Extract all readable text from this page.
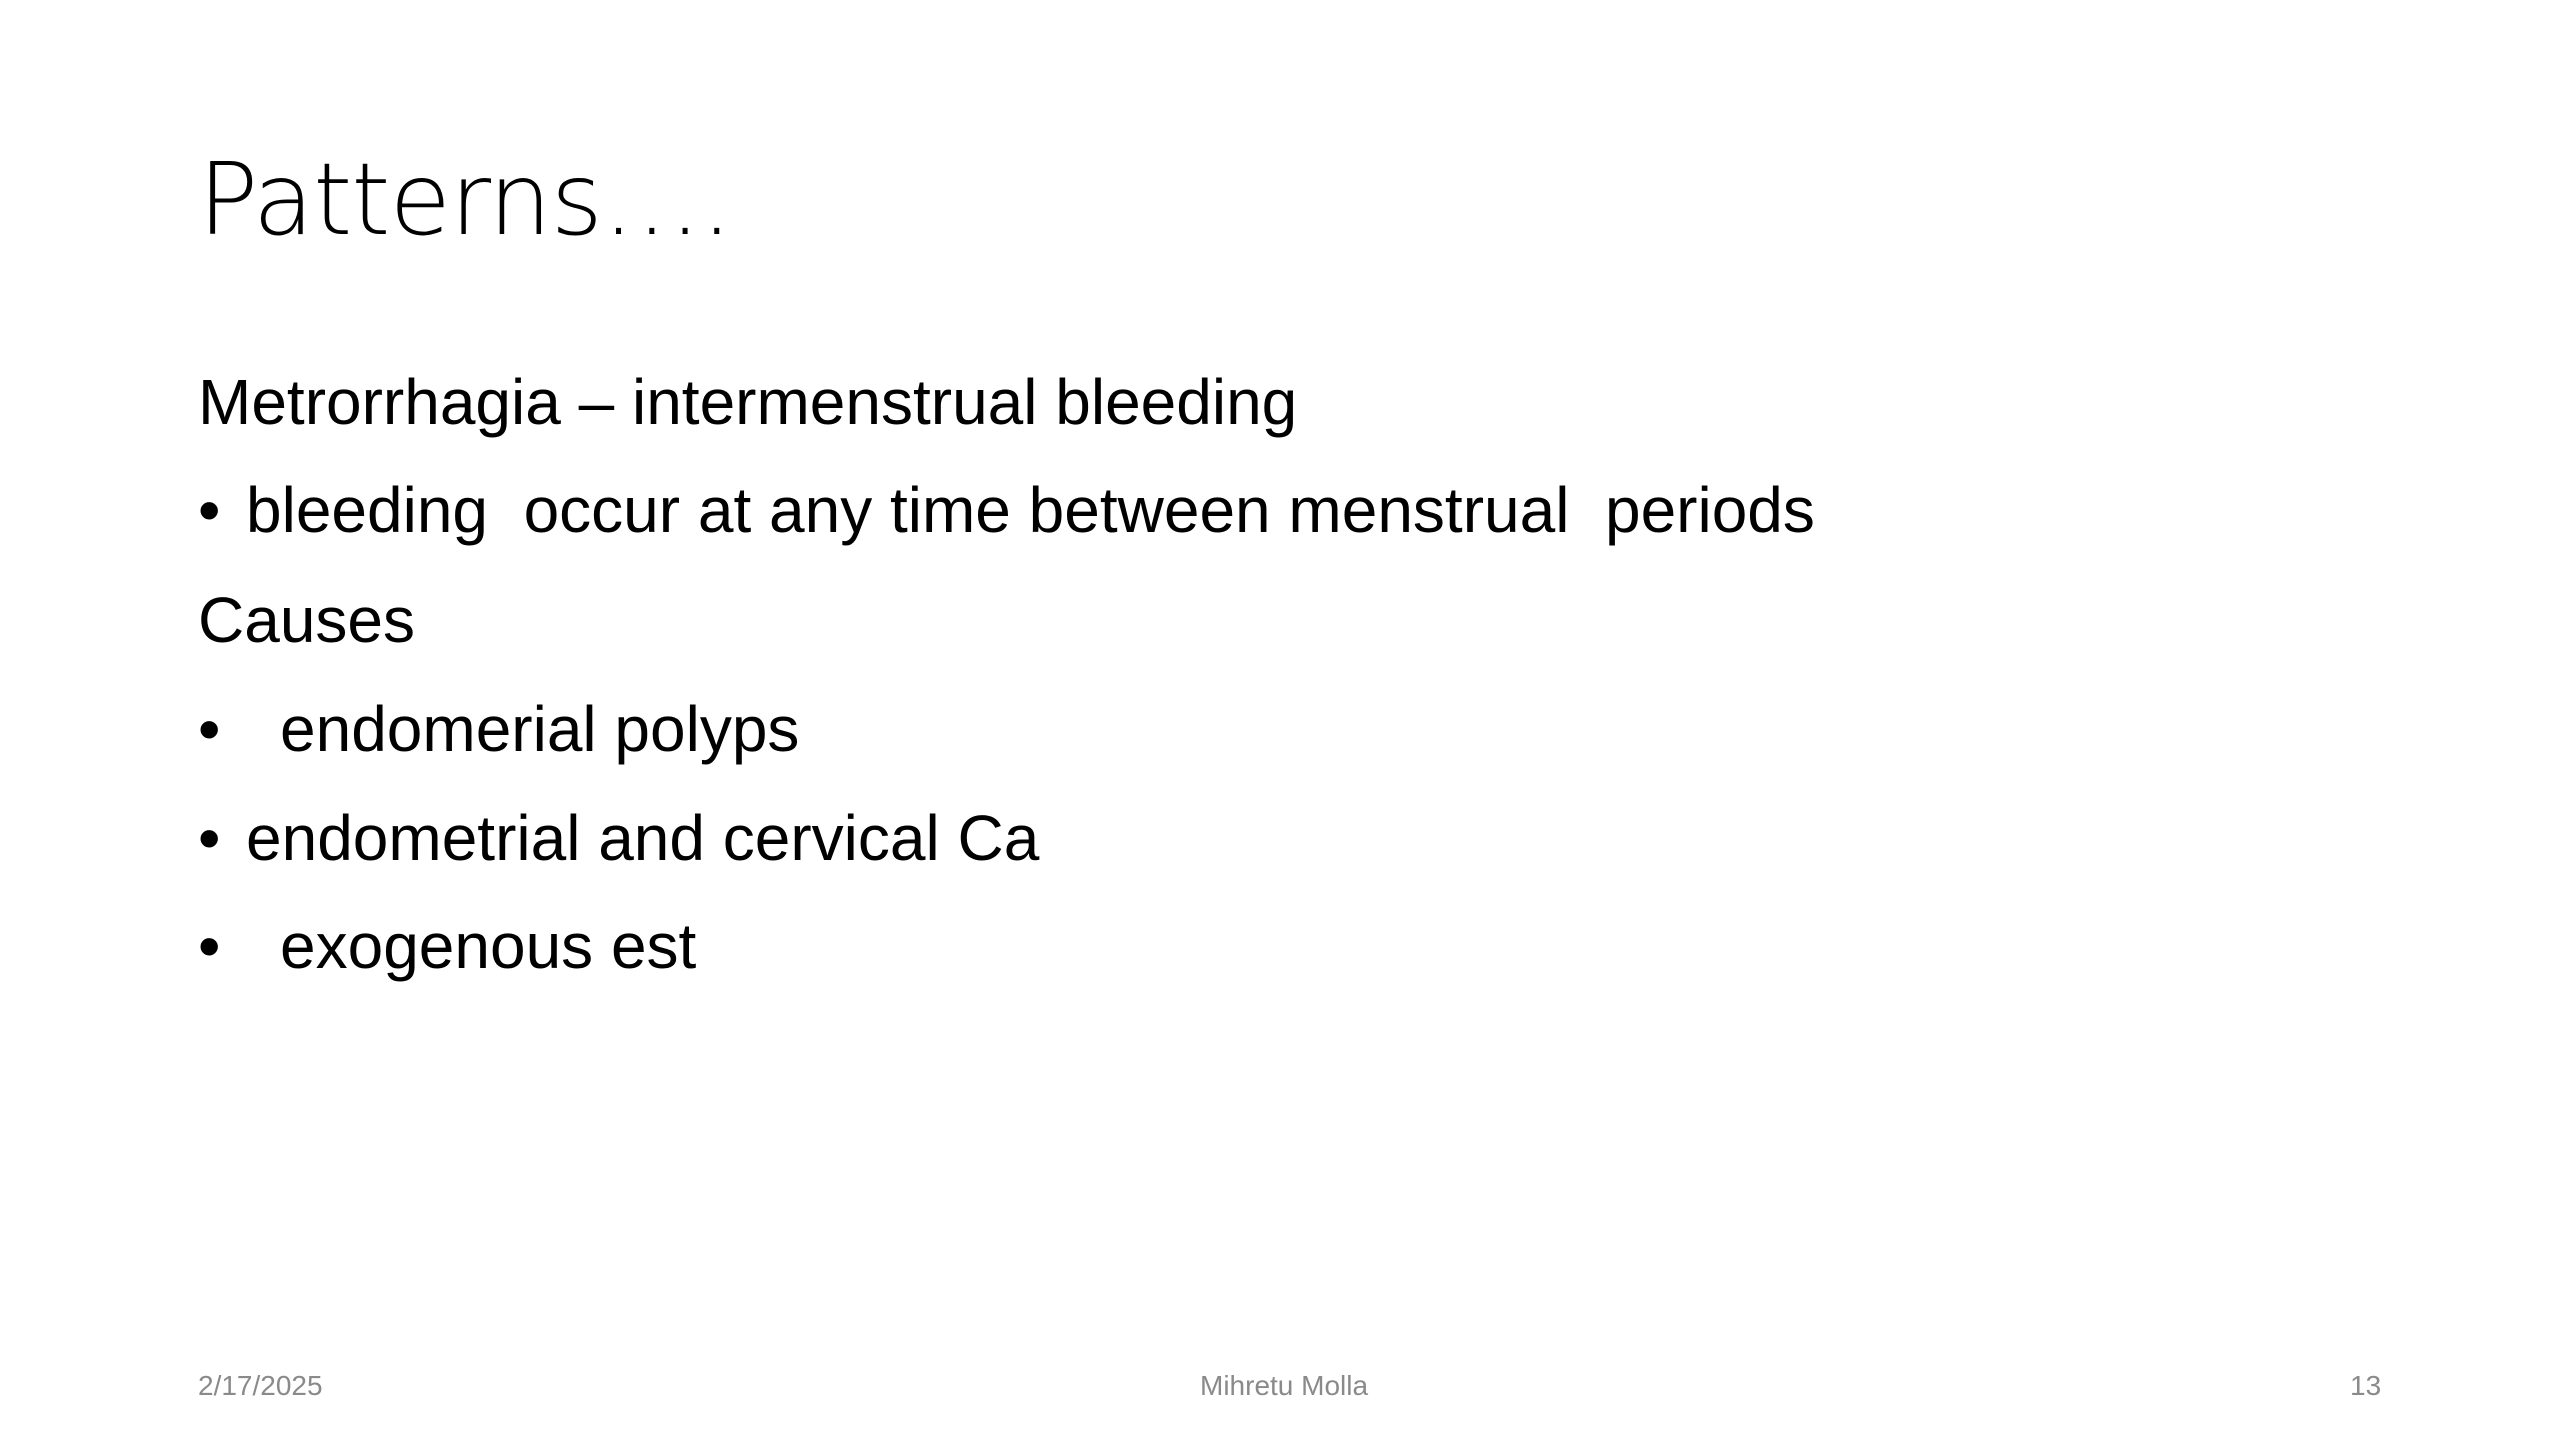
Patterns….
Metrorrhagia – intermenstrual bleeding
• bleeding  occur at any time between menstrual  periods
Causes
• endomerial polyps
• endometrial and cervical Ca
• exogenous est
2/17/2025	Mihretu Molla	13
